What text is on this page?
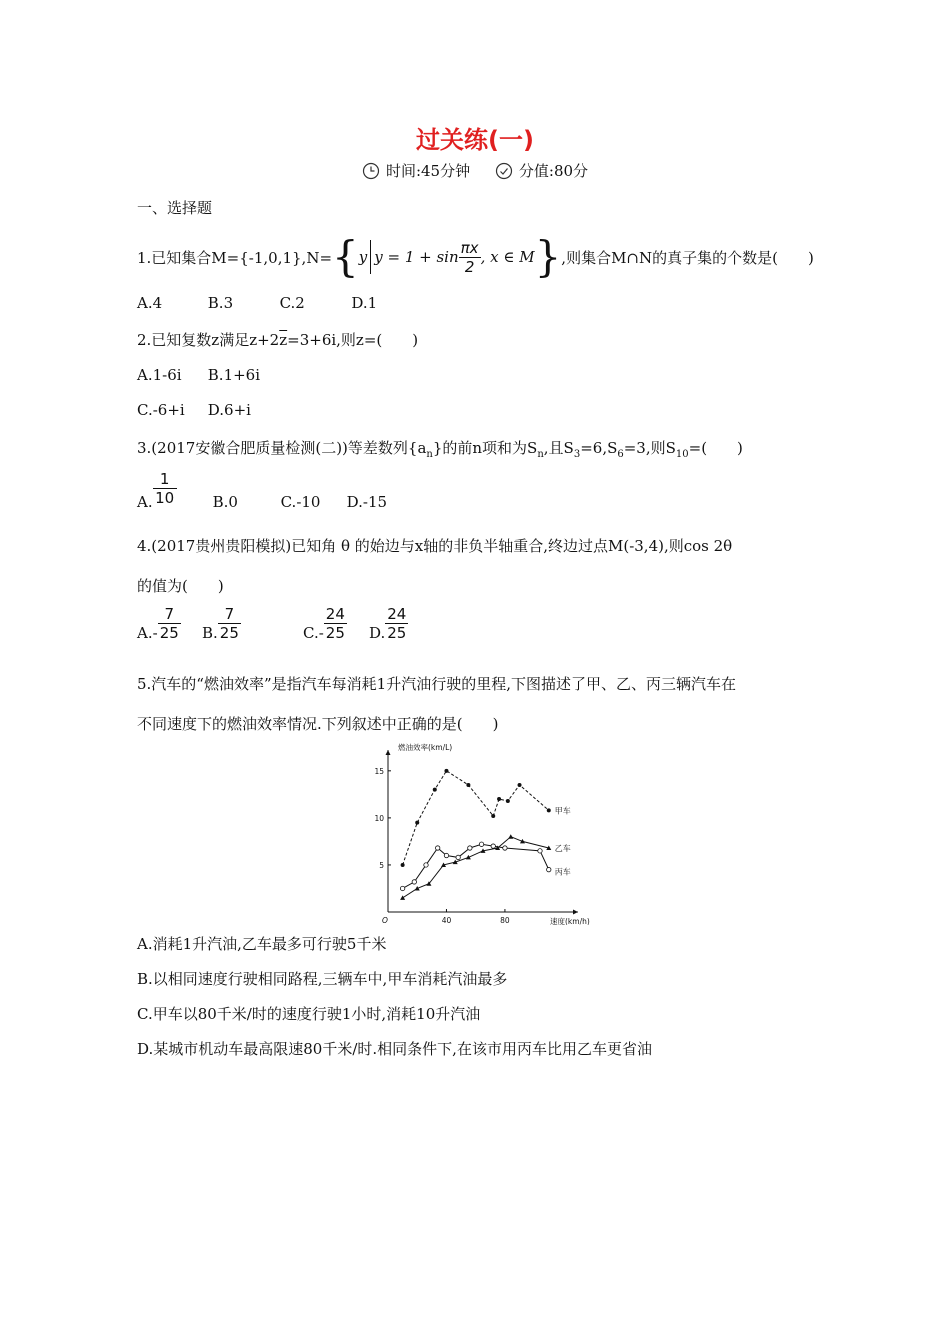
过关练(一)
时间:45分钟
	分值:80分
一、选择题
1.已知集合M={-1,0,1},N= { y $y = 1 + \sin \frac{\pi x}{2}$ , x ∈ M } ,则集合M∩N的真子集的个数是(　　)
A.4	B.3	C.2	D.1
2.已知复数z满足$z+2\overline{z}=3+6i$,则z=(　　)
A.1-6i B.1+6i
C.-6+i D.6+i
3.(2017安徽合肥质量检测(二))等差数列$\{a_n\}$的前n项和为$S_n$,且$S_3=6,S_6=3$,则$S_{10}=$(　　)
A. $\frac{1}{10} B.0$	C.-10	D.-15
4.(2017贵州贵阳模拟)已知角 θ 的始边与x轴的非负半轴重合,终边过点M(-3,4),则cos 2θ
的值为(　　)
A. - $\frac{7}{25} B$. $\frac{7}{25}$	C. - $\frac{24}{25} D$. $\frac{24}{25}$
5.汽车的“燃油效率”是指汽车每消耗1升汽油行驶的里程,下图描述了甲、乙、丙三辆汽车在
不同速度下的燃油效率情况.下列叙述中正确的是(　　)
燃油效率(km/L)
速度(km/h)
O	40	80
5
10
15
甲车
乙车
丙车
A.消耗1升汽油,乙车最多可行驶5千米
B.以相同速度行驶相同路程,三辆车中,甲车消耗汽油最多
C.甲车以80千米/时的速度行驶1小时,消耗10升汽油
D.某城市机动车最高限速80千米/时.相同条件下,在该市用丙车比用乙车更省油
